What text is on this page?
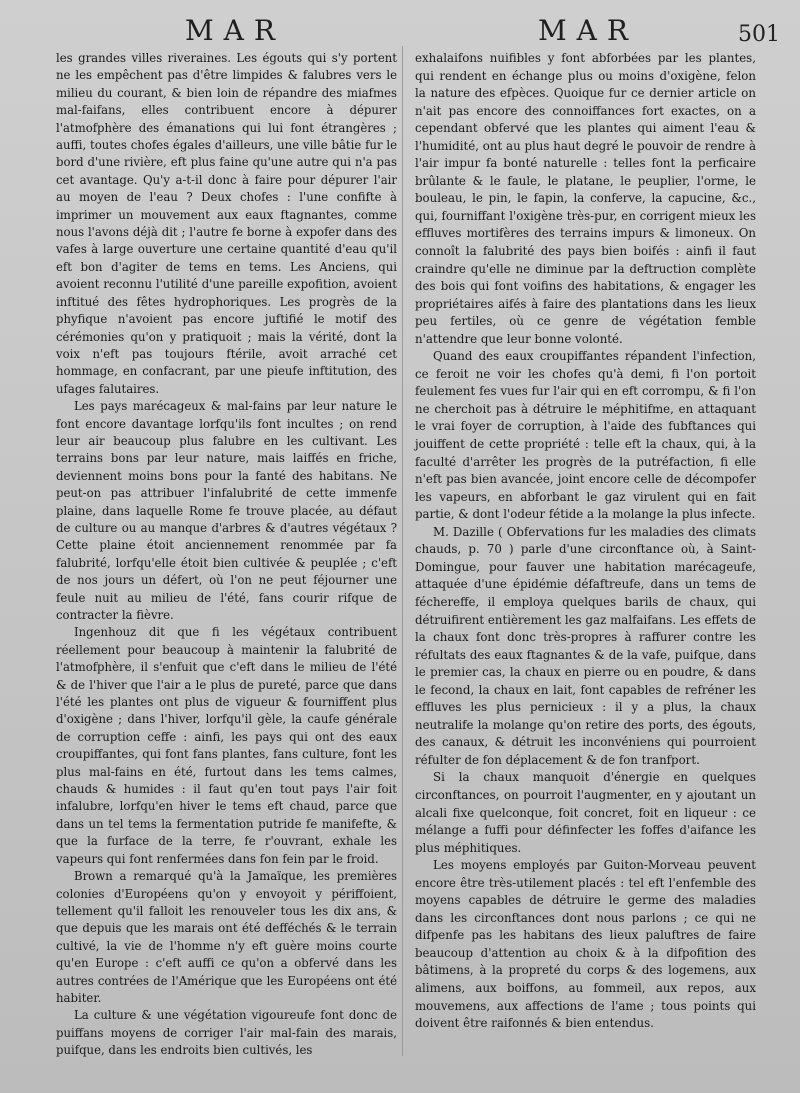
MAR	MAR	501

les grandes villes riveraines. Les égouts qui s'y portent ne les empêchent pas d'être limpides & falubres vers le milieu du courant, & bien loin de répandre des miafmes mal-faifans, elles contribuent encore à dépurer l'atmofphère des émanations qui lui font étrangères ; auffi, toutes chofes égales d'ailleurs, une ville bâtie fur le bord d'une rivière, eft plus faine qu'une autre qui n'a pas cet avantage. Qu'y a-t-il donc à faire pour dépurer l'air au moyen de l'eau ? Deux chofes : l'une confifte à imprimer un mouvement aux eaux ftagnantes, comme nous l'avons déjà dit ; l'autre fe borne à expofer dans des vafes à large ouverture une certaine quantité d'eau qu'il eft bon d'agiter de tems en tems. Les Anciens, qui avoient reconnu l'utilité d'une pareille expofition, avoient inftitué des fêtes hydrophoriques. Les progrès de la phyfique n'avoient pas encore juftifié le motif des cérémonies qu'on y pratiquoit ; mais la vérité, dont la voix n'eft pas toujours ftérile, avoit arraché cet hommage, en confacrant, par une pieufe inftitution, des ufages falutaires.

Les pays marécageux & mal-fains par leur nature le font encore davantage lorfqu'ils font incultes ; on rend leur air beaucoup plus falubre en les cultivant. Les terrains bons par leur nature, mais laiffés en friche, deviennent moins bons pour la fanté des habitans. Ne peut-on pas attribuer l'infalubrité de cette immenfe plaine, dans laquelle Rome fe trouve placée, au défaut de culture ou au manque d'arbres & d'autres végétaux ? Cette plaine étoit anciennement renommée par fa falubrité, lorfqu'elle étoit bien cultivée & peuplée ; c'eft de nos jours un défert, où l'on ne peut féjourner une feule nuit au milieu de l'été, fans courir rifque de contracter la fièvre.

Ingenhouz dit que fi les végétaux contribuent réellement pour beaucoup à maintenir la falubrité de l'atmofphère, il s'enfuit que c'eft dans le milieu de l'été & de l'hiver que l'air a le plus de pureté, parce que dans l'été les plantes ont plus de vigueur & fourniffent plus d'oxigène ; dans l'hiver, lorfqu'il gèle, la caufe générale de corruption ceffe : ainfi, les pays qui ont des eaux croupiffantes, qui font fans plantes, fans culture, font les plus mal-fains en été, furtout dans les tems calmes, chauds & humides : il faut qu'en tout pays l'air foit infalubre, lorfqu'en hiver le tems eft chaud, parce que dans un tel tems la fermentation putride fe manifefte, & que la furface de la terre, fe r'ouvrant, exhale les vapeurs qui font renfermées dans fon fein par le froid.

Brown a remarqué qu'à la Jamaïque, les premières colonies d'Européens qu'on y envoyoit y périffoient, tellement qu'il falloit les renouveler tous les dix ans, & que depuis que les marais ont été defféchés & le terrain cultivé, la vie de l'homme n'y eft guère moins courte qu'en Europe : c'eft auffi ce qu'on a obfervé dans les autres contrées de l'Amérique que les Européens ont été habiter.

La culture & une végétation vigoureufe font donc de puiffans moyens de corriger l'air mal-fain des marais, puifque, dans les endroits bien cultivés, les

exhalaifons nuifibles y font abforbées par les plantes, qui rendent en échange plus ou moins d'oxigène, felon la nature des efpèces. Quoique fur ce dernier article on n'ait pas encore des connoiffances fort exactes, on a cependant obfervé que les plantes qui aiment l'eau & l'humidité, ont au plus haut degré le pouvoir de rendre à l'air impur fa bonté naturelle : telles font la perficaire brûlante & le faule, le platane, le peuplier, l'orme, le bouleau, le pin, le fapin, la conferve, la capucine, &c., qui, fourniffant l'oxigène très-pur, en corrigent mieux les effluves mortifères des terrains impurs & limoneux. On connoît la falubrité des pays bien boifés : ainfi il faut craindre qu'elle ne diminue par la deftruction complète des bois qui font voifins des habitations, & engager les propriétaires aifés à faire des plantations dans les lieux peu fertiles, où ce genre de végétation femble n'attendre que leur bonne volonté.

Quand des eaux croupiffantes répandent l'infection, ce feroit ne voir les chofes qu'à demi, fi l'on portoit feulement fes vues fur l'air qui en eft corrompu, & fi l'on ne cherchoit pas à détruire le méphitifme, en attaquant le vrai foyer de corruption, à l'aide des fubftances qui jouiffent de cette propriété : telle eft la chaux, qui, à la faculté d'arrêter les progrès de la putréfaction, fi elle n'eft pas bien avancée, joint encore celle de décompofer les vapeurs, en abforbant le gaz virulent qui en fait partie, & dont l'odeur fétide a la molange la plus infecte.

M. Dazille ( Obfervations fur les maladies des climats chauds, p. 70 ) parle d'une circonftance où, à Saint-Domingue, pour fauver une habitation marécageufe, attaquée d'une épidémie défaftreufe, dans un tems de féchereffe, il employa quelques barils de chaux, qui détruifirent entièrement les gaz malfaifans. Les effets de la chaux font donc très-propres à raffurer contre les réfultats des eaux ftagnantes & de la vafe, puifque, dans le premier cas, la chaux en pierre ou en poudre, & dans le fecond, la chaux en lait, font capables de refréner les effluves les plus pernicieux : il y a plus, la chaux neutralife la molange qu'on retire des ports, des égouts, des canaux, & détruit les inconvéniens qui pourroient réfulter de fon déplacement & de fon tranfport.

Si la chaux manquoit d'énergie en quelques circonftances, on pourroit l'augmenter, en y ajoutant un alcali fixe quelconque, foit concret, foit en liqueur : ce mélange a fuffi pour définfecter les foffes d'aifance les plus méphitiques.

Les moyens employés par Guiton-Morveau peuvent encore être très-utilement placés : tel eft l'enfemble des moyens capables de détruire le germe des maladies dans les circonftances dont nous parlons ; ce qui ne difpenfe pas les habitans des lieux paluftres de faire beaucoup d'attention au choix & à la difpofition des bâtimens, à la propreté du corps & des logemens, aux alimens, aux boiffons, au fommeil, aux repos, aux mouvemens, aux affections de l'ame ; tous points qui doivent être raifonnés & bien entendus.
